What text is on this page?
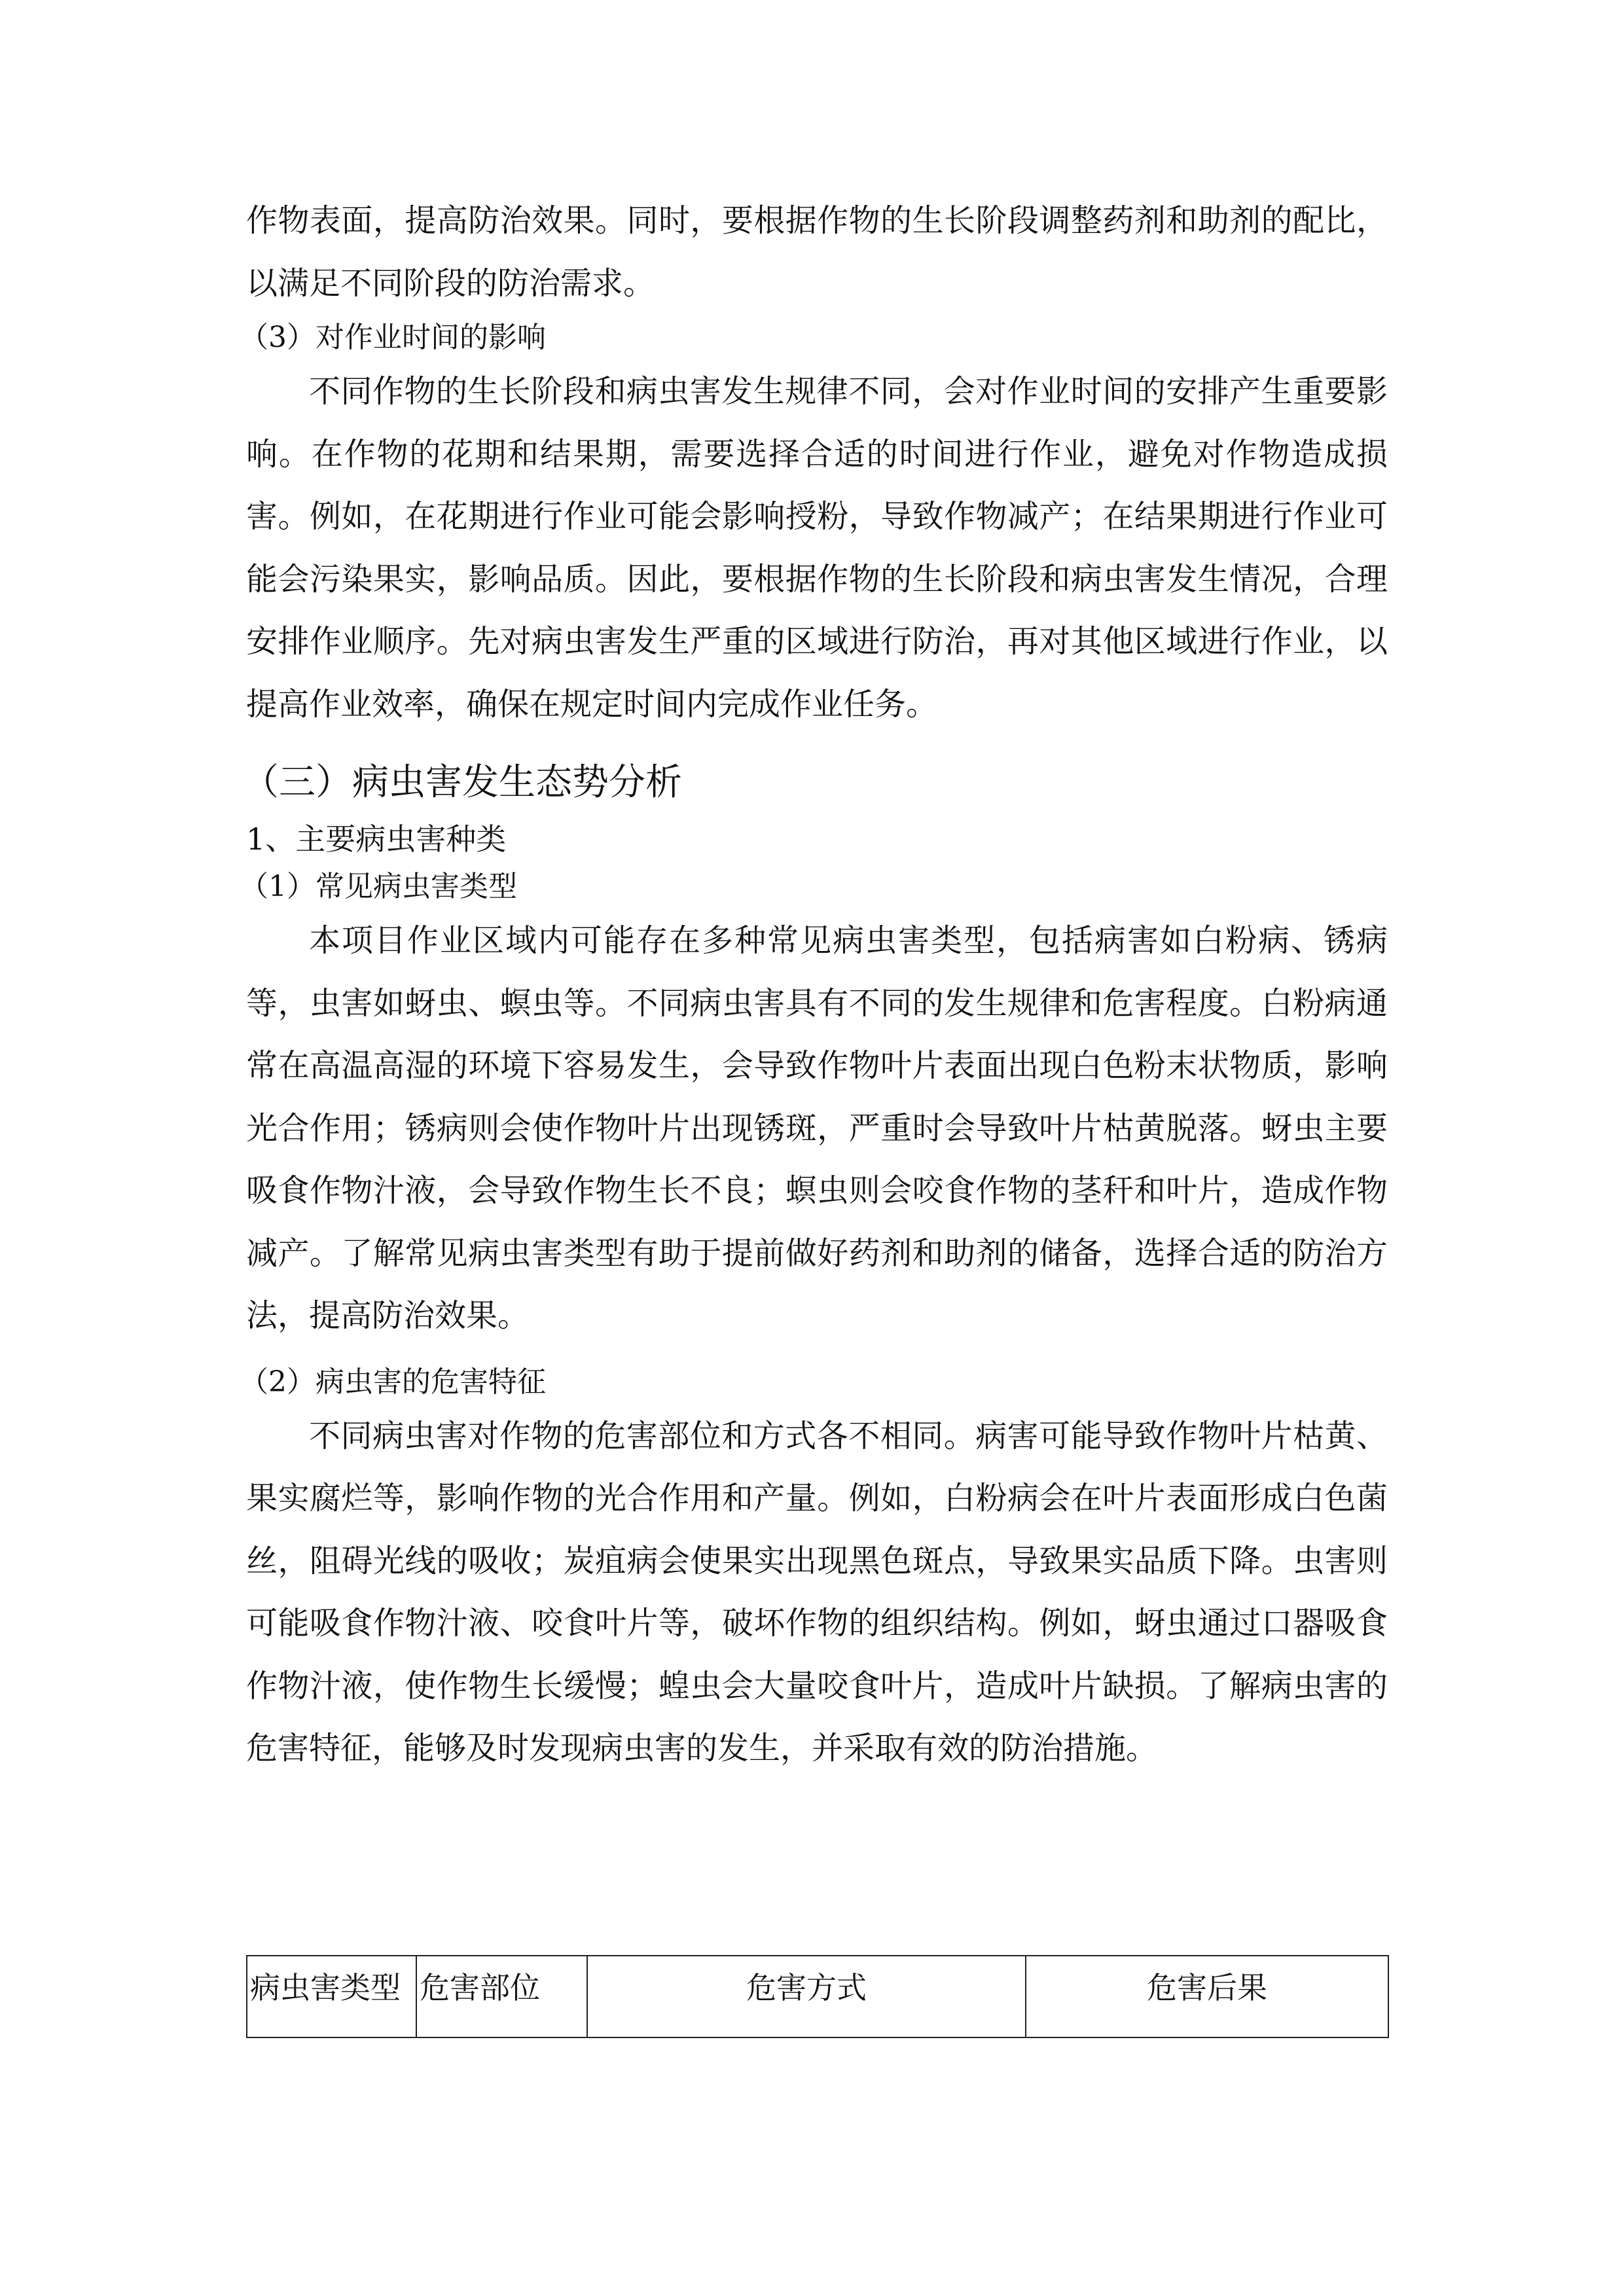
作物表面，提高防治效果。同时，要根据作物的生长阶段调整药剂和助剂的配比，以满足不同阶段的防治需求。

（3）对作业时间的影响

不同作物的生长阶段和病虫害发生规律不同，会对作业时间的安排产生重要影响。在作物的花期和结果期，需要选择合适的时间进行作业，避免对作物造成损害。例如，在花期进行作业可能会影响授粉，导致作物减产；在结果期进行作业可能会污染果实，影响品质。因此，要根据作物的生长阶段和病虫害发生情况，合理安排作业顺序。先对病虫害发生严重的区域进行防治，再对其他区域进行作业，以提高作业效率，确保在规定时间内完成作业任务。

（三）病虫害发生态势分析

1、主要病虫害种类

（1）常见病虫害类型

本项目作业区域内可能存在多种常见病虫害类型，包括病害如白粉病、锈病等，虫害如蚜虫、螟虫等。不同病虫害具有不同的发生规律和危害程度。白粉病通常在高温高湿的环境下容易发生，会导致作物叶片表面出现白色粉末状物质，影响光合作用；锈病则会使作物叶片出现锈斑，严重时会导致叶片枯黄脱落。蚜虫主要吸食作物汁液，会导致作物生长不良；螟虫则会咬食作物的茎秆和叶片，造成作物减产。了解常见病虫害类型有助于提前做好药剂和助剂的储备，选择合适的防治方法，提高防治效果。

（2）病虫害的危害特征

不同病虫害对作物的危害部位和方式各不相同。病害可能导致作物叶片枯黄、果实腐烂等，影响作物的光合作用和产量。例如，白粉病会在叶片表面形成白色菌丝，阻碍光线的吸收；炭疽病会使果实出现黑色斑点，导致果实品质下降。虫害则可能吸食作物汁液、咬食叶片等，破坏作物的组织结构。例如，蚜虫通过口器吸食作物汁液，使作物生长缓慢；蝗虫会大量咬食叶片，造成叶片缺损。了解病虫害的危害特征，能够及时发现病虫害的发生，并采取有效的防治措施。

病虫害类型	危害部位	危害方式	危害后果
